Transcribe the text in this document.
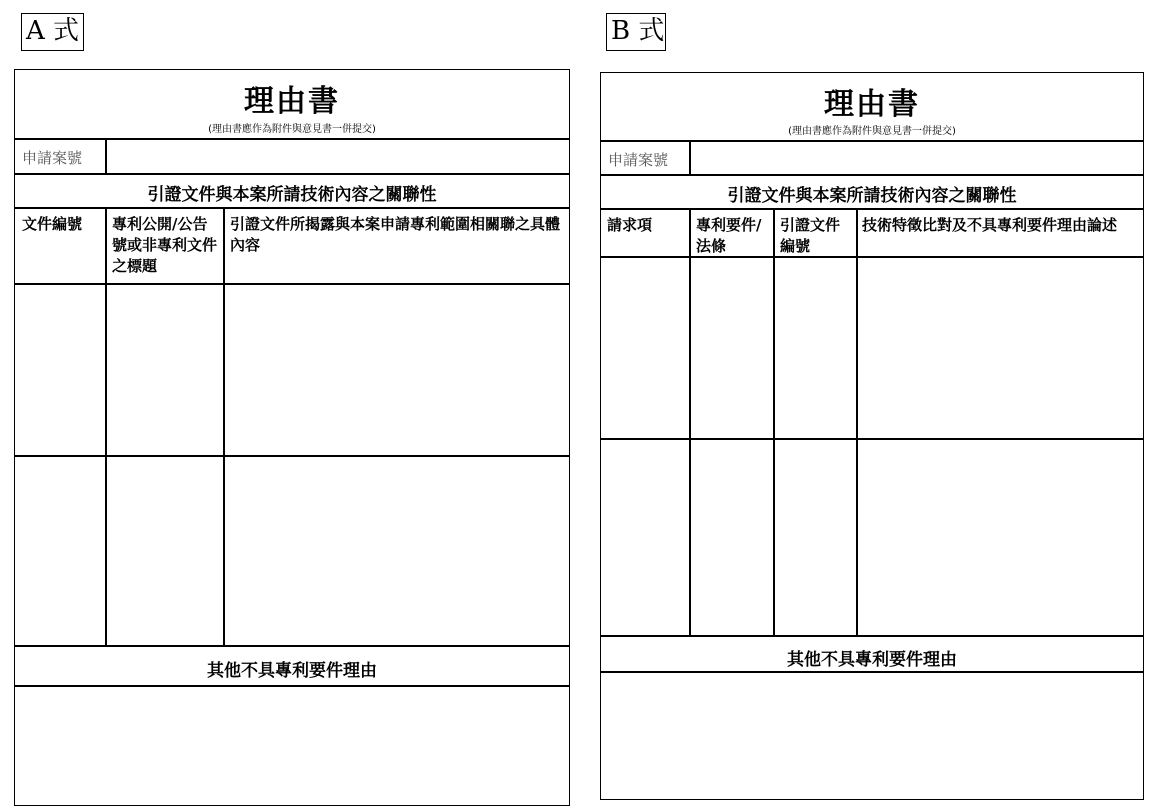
A 式
理由書
(理由書應作為附件與意見書一併提交)
申請案號
引證文件與本案所請技術內容之關聯性
文件編號	專利公開/公告號或非專利文件之標題
引證文件所揭露與本案申請專利範圍相關聯之具體內容
其他不具專利要件理由
B 式
理由書
(理由書應作為附件與意見書一併提交)
申請案號
引證文件與本案所請技術內容之關聯性
請求項	專利要件/法條
引證文件編號
技術特徵比對及不具專利要件理由論述
其他不具專利要件理由
